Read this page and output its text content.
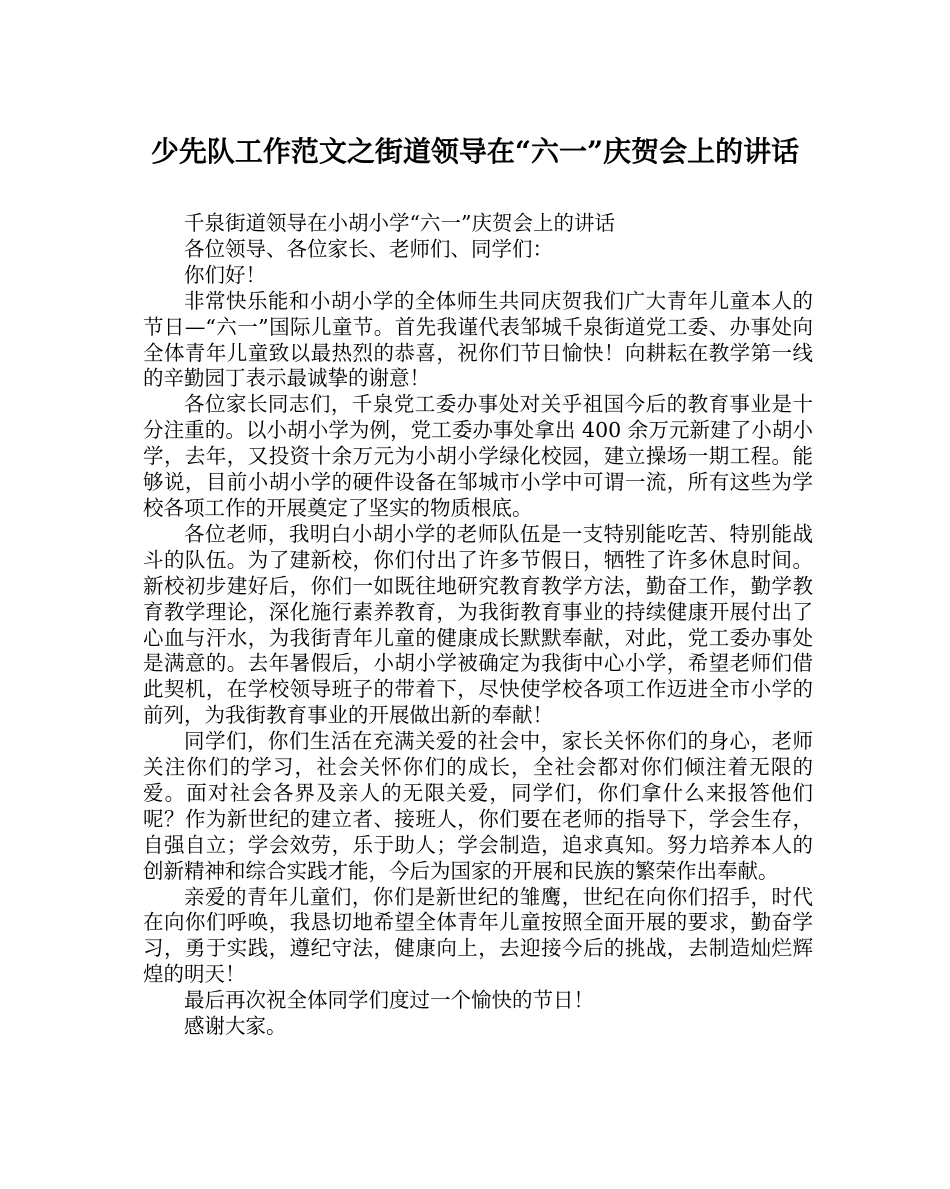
少先队工作范文之街道领导在“六一”庆贺会上的讲话

千泉街道领导在小胡小学“六一”庆贺会上的讲话

各位领导、各位家长、老师们、同学们：

你们好！

非常快乐能和小胡小学的全体师生共同庆贺我们广大青年儿童本人的节日—“六一”国际儿童节。首先我谨代表邹城千泉街道党工委、办事处向全体青年儿童致以最热烈的恭喜，祝你们节日愉快！向耕耘在教学第一线的辛勤园丁表示最诚挚的谢意！

各位家长同志们，千泉党工委办事处对关乎祖国今后的教育事业是十分注重的。以小胡小学为例，党工委办事处拿出 400 余万元新建了小胡小学，去年，又投资十余万元为小胡小学绿化校园，建立操场一期工程。能够说，目前小胡小学的硬件设备在邹城市小学中可谓一流，所有这些为学校各项工作的开展奠定了坚实的物质根底。

各位老师，我明白小胡小学的老师队伍是一支特别能吃苦、特别能战斗的队伍。为了建新校，你们付出了许多节假日，牺牲了许多休息时间。新校初步建好后，你们一如既往地研究教育教学方法，勤奋工作，勤学教育教学理论，深化施行素养教育，为我街教育事业的持续健康开展付出了心血与汗水，为我街青年儿童的健康成长默默奉献，对此，党工委办事处是满意的。去年暑假后，小胡小学被确定为我街中心小学，希望老师们借此契机，在学校领导班子的带着下，尽快使学校各项工作迈进全市小学的前列，为我街教育事业的开展做出新的奉献！

同学们，你们生活在充满关爱的社会中，家长关怀你们的身心，老师关注你们的学习，社会关怀你们的成长，全社会都对你们倾注着无限的爱。面对社会各界及亲人的无限关爱，同学们，你们拿什么来报答他们呢？作为新世纪的建立者、接班人，你们要在老师的指导下，学会生存，自强自立；学会效劳，乐于助人；学会制造，追求真知。努力培养本人的创新精神和综合实践才能，今后为国家的开展和民族的繁荣作出奉献。

亲爱的青年儿童们，你们是新世纪的雏鹰，世纪在向你们招手，时代在向你们呼唤，我恳切地希望全体青年儿童按照全面开展的要求，勤奋学习，勇于实践，遵纪守法，健康向上，去迎接今后的挑战，去制造灿烂辉煌的明天！

最后再次祝全体同学们度过一个愉快的节日！

感谢大家。
